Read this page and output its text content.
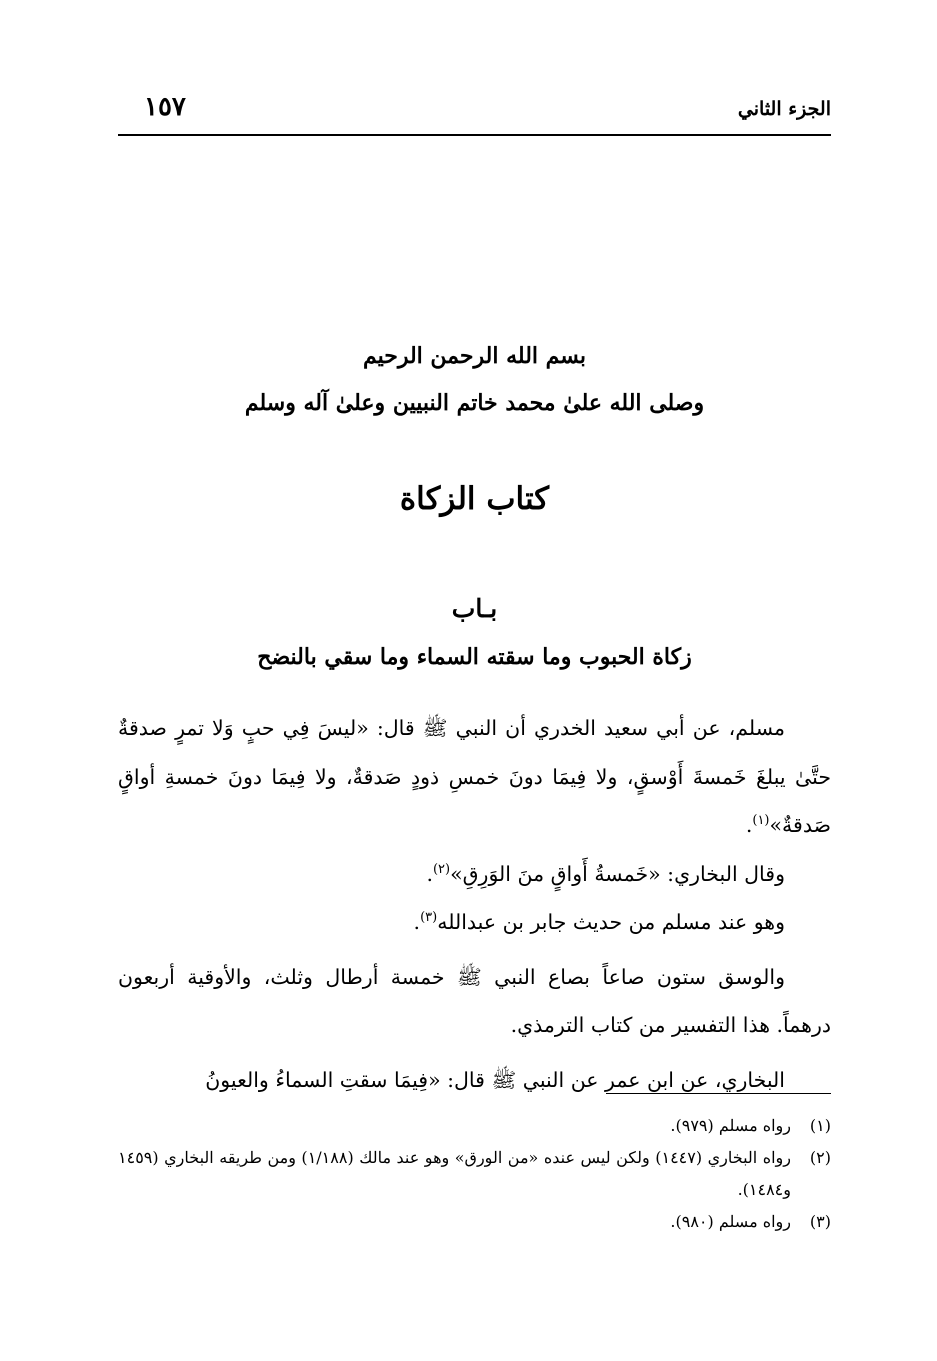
الجزء الثاني
١٥٧
بسم الله الرحمن الرحيم
وصلى الله علىٰ محمد خاتم النبيين وعلىٰ آله وسلم
كتاب الزكاة
بـاب
زكاة الحبوب وما سقته السماء وما سقي بالنضح

مسلم، عن أبي سعيد الخدري أن النبي ﷺ قال: «ليسَ فِي حبٍ وَلا تمرٍ صدقةٌ حتَّىٰ يبلغَ خَمسةَ أَوْسقٍ، ولا فِيمَا دونَ خمسِ ذودٍ صَدقةٌ، ولا فِيمَا دونَ خمسةِ أواقٍ صَدقةٌ»$^{(١)}$.

وقال البخاري: «خَمسةُ أَواقٍ منَ الوَرِقِ»$^{(٢)}$.

وهو عند مسلم من حديث جابر بن عبدالله$^{(٣)}$.

والوسق ستون صاعاً بصاع النبي ﷺ خمسة أرطال وثلث، والأوقية أربعون درهماً. هذا التفسير من كتاب الترمذي.

البخاري، عن ابن عمر عن النبي ﷺ قال: «فِيمَا سقتِ السماءُ والعيونُ

(١)
رواه مسلم (٩٧٩).
(٢)
رواه البخاري (١٤٤٧) ولكن ليس عنده «من الورق» وهو عند مالك (١/١٨٨) ومن طريقه البخاري (١٤٥٩ و١٤٨٤).
(٣)
رواه مسلم (٩٨٠).
